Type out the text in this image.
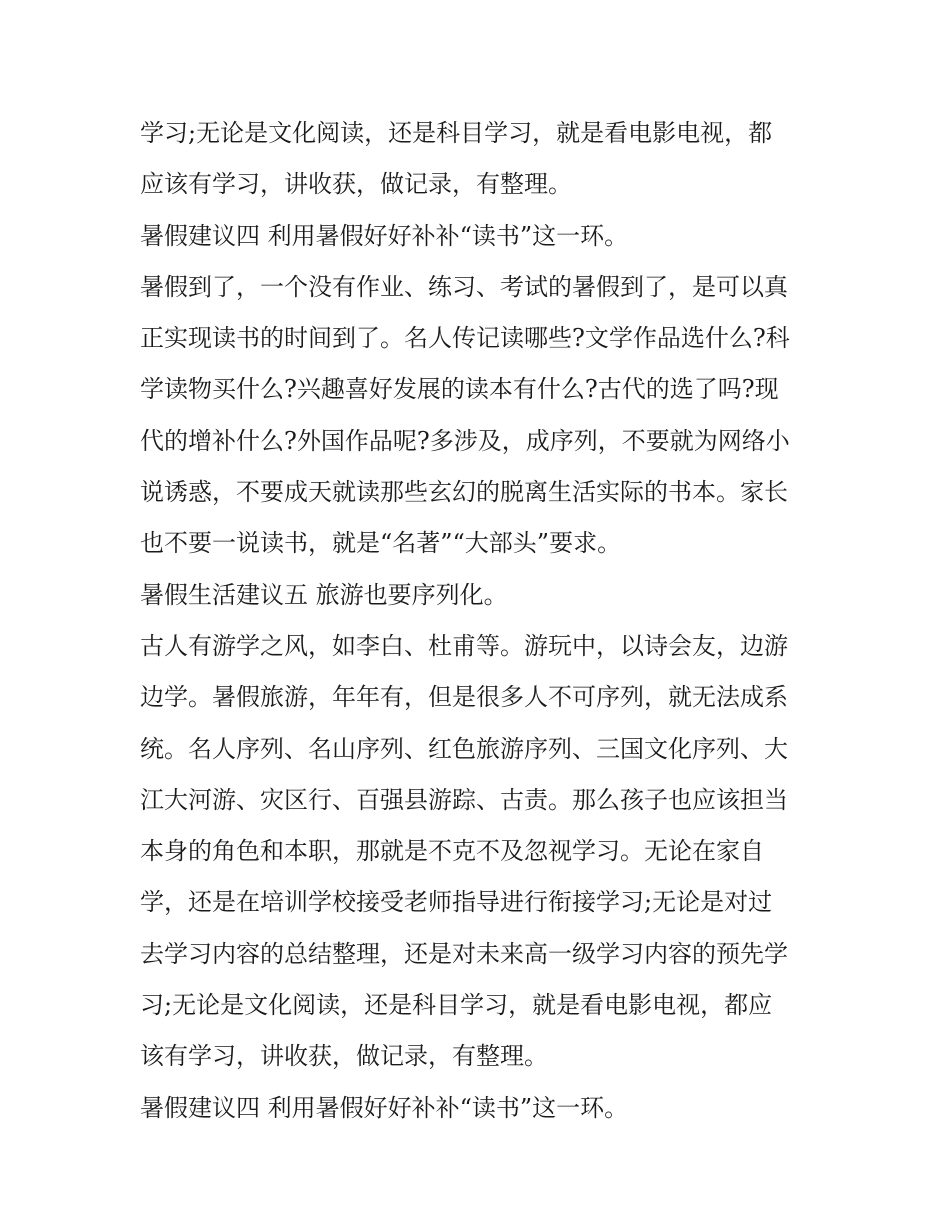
学习;无论是文化阅读，还是科目学习，就是看电影电视，都
应该有学习，讲收获，做记录，有整理。
暑假建议四 利用暑假好好补补“读书”这一环。
暑假到了，一个没有作业、练习、考试的暑假到了，是可以真
正实现读书的时间到了。名人传记读哪些?文学作品选什么?科
学读物买什么?兴趣喜好发展的读本有什么?古代的选了吗?现
代的增补什么?外国作品呢?多涉及，成序列，不要就为网络小
说诱惑，不要成天就读那些玄幻的脱离生活实际的书本。家长
也不要一说读书，就是“名著”“大部头”要求。
暑假生活建议五 旅游也要序列化。
古人有游学之风，如李白、杜甫等。游玩中，以诗会友，边游
边学。暑假旅游，年年有，但是很多人不可序列，就无法成系
统。名人序列、名山序列、红色旅游序列、三国文化序列、大
江大河游、灾区行、百强县游踪、古责。那么孩子也应该担当
本身的角色和本职，那就是不克不及忽视学习。无论在家自
学，还是在培训学校接受老师指导进行衔接学习;无论是对过
去学习内容的总结整理，还是对未来高一级学习内容的预先学
习;无论是文化阅读，还是科目学习，就是看电影电视，都应
该有学习，讲收获，做记录，有整理。
暑假建议四 利用暑假好好补补“读书”这一环。
